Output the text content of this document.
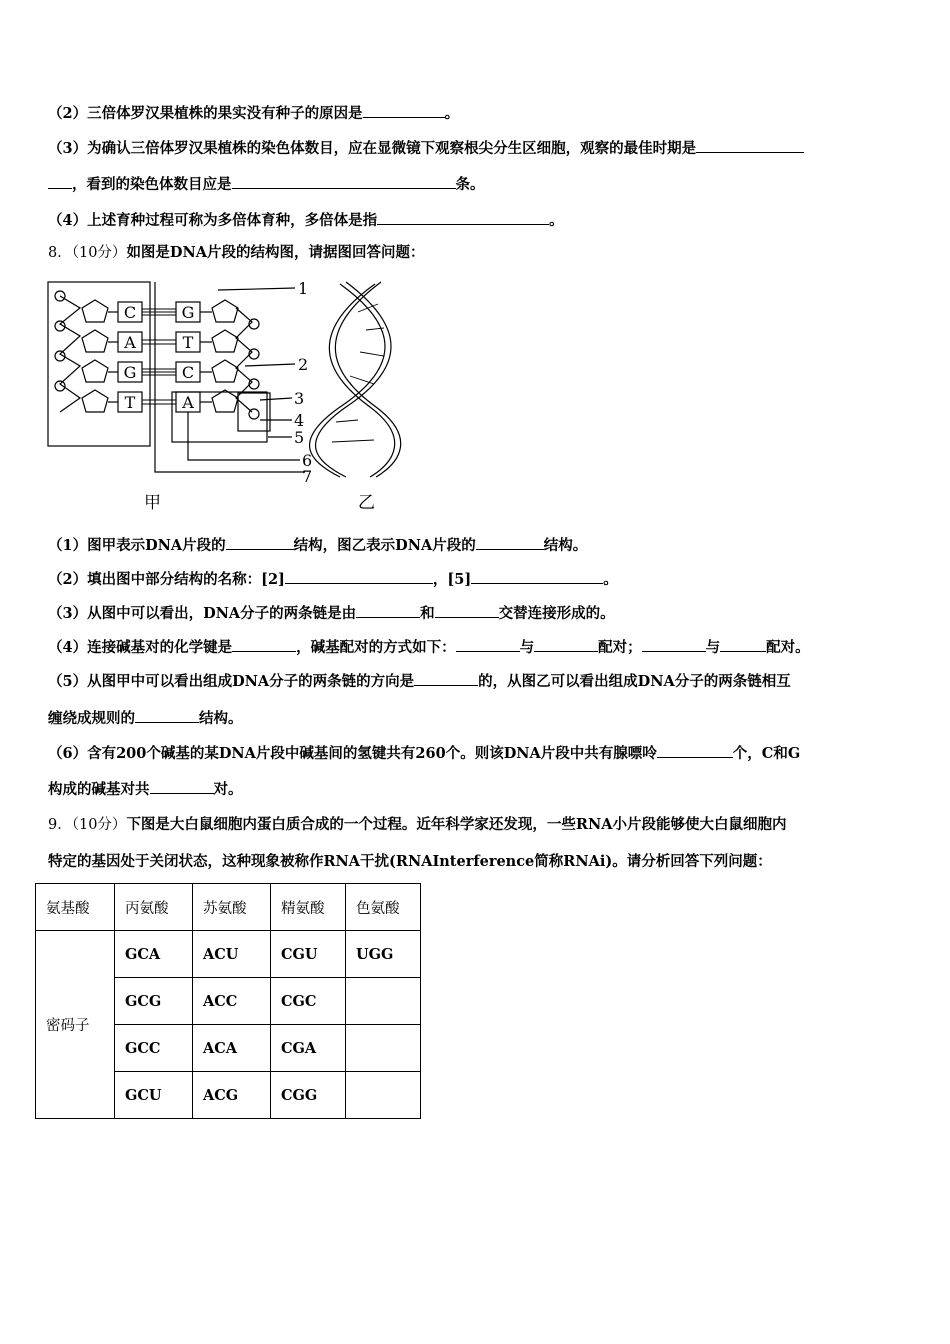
（2）三倍体罗汉果植株的果实没有种子的原因是	。
（3）为确认三倍体罗汉果植株的染色体数目，应在显微镜下观察根尖分生区细胞，观察的最佳时期是
，看到的染色体数目应是	条。
（4）上述育种过程可称为多倍体育种，多倍体是指	。
8．（10分）如图是DNA片段的结构图，请据图回答问题：
C
A
G
T
G
T
C
A
1
2
3
4
5
6
7
甲	乙
（1）图甲表示DNA片段的	结构，图乙表示DNA片段的	结构。
（2）填出图中部分结构的名称：[2]	，[5]	。
（3）从图中可以看出，DNA分子的两条链是由	和	交替连接形成的。
（4）连接碱基对的化学键是	，碱基配对的方式如下：	与	配对；	与	配对。
（5）从图甲中可以看出组成DNA分子的两条链的方向是	的，从图乙可以看出组成DNA分子的两条链相互
缠绕成规则的	结构。
（6）含有200个碱基的某DNA片段中碱基间的氢键共有260个。则该DNA片段中共有腺嘌呤	个，C和G
构成的碱基对共	对。
9．（10分）下图是大白鼠细胞内蛋白质合成的一个过程。近年科学家还发现，一些RNA小片段能够使大白鼠细胞内
特定的基因处于关闭状态，这种现象被称作RNA干扰(RNAInterference简称RNAi)。请分析回答下列问题：
氨基酸	丙氨酸	苏氨酸	精氨酸	色氨酸
密码子	GCA	ACU	CGU	UGG
	GCG	ACC	CGC	
	GCC	ACA	CGA	
	GCU	ACG	CGG	
